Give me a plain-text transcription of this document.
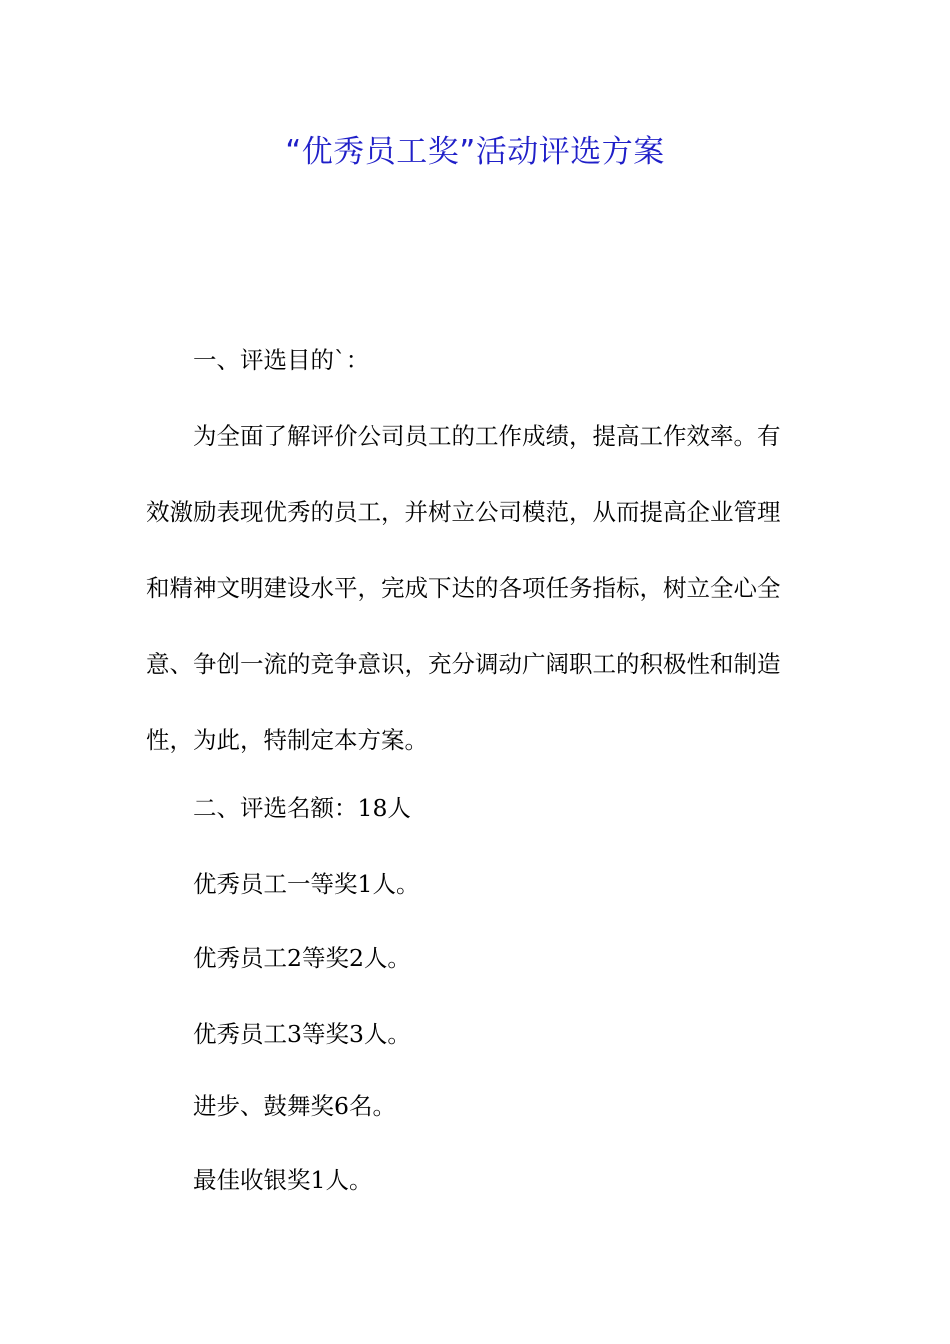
“优秀员工奖”活动评选方案
一、评选目的`：
为全面了解评价公司员工的工作成绩，提高工作效率。有
效激励表现优秀的员工，并树立公司模范，从而提高企业管理
和精神文明建设水平，完成下达的各项任务指标，树立全心全
意、争创一流的竞争意识，充分调动广阔职工的积极性和制造
性，为此，特制定本方案。
二、评选名额：18人
优秀员工一等奖1人。
优秀员工2等奖2人。
优秀员工3等奖3人。
进步、鼓舞奖6名。
最佳收银奖1人。
